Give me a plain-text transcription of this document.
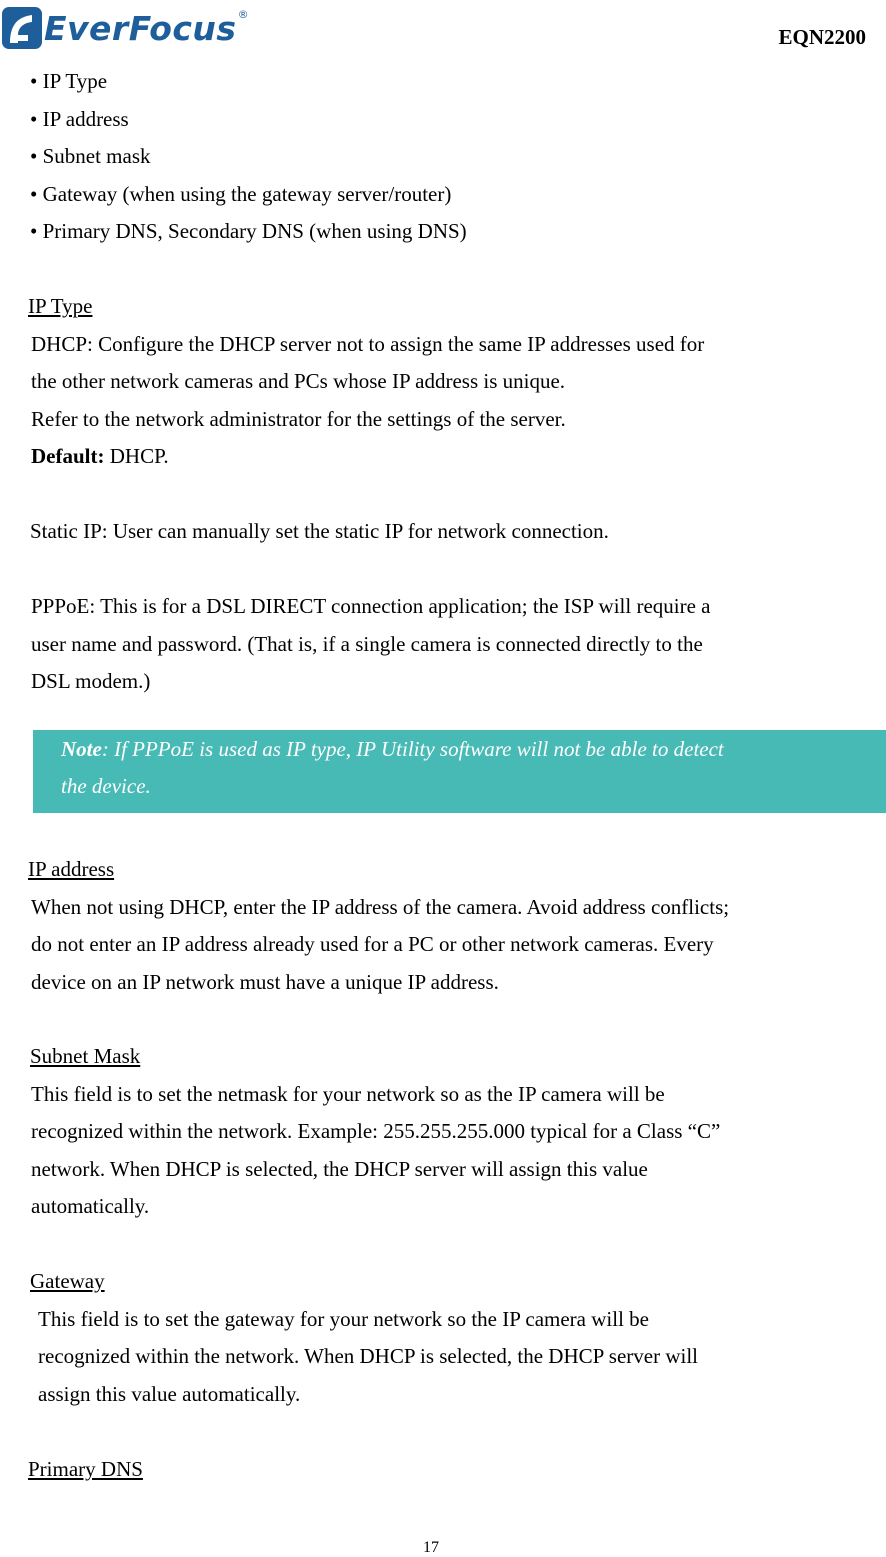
EverFocus ®
EQN2200
• IP Type
• IP address
• Subnet mask
• Gateway (when using the gateway server/router)
• Primary DNS, Secondary DNS (when using DNS)
IP Type
DHCP: Configure the DHCP server not to assign the same IP addresses used for
the other network cameras and PCs whose IP address is unique.
Refer to the network administrator for the settings of the server.
Default: DHCP.
Static IP: User can manually set the static IP for network connection.
PPPoE: This is for a DSL DIRECT connection application; the ISP will require a
user name and password. (That is, if a single camera is connected directly to the
DSL modem.)
Note: If PPPoE is used as IP type, IP Utility software will not be able to detect
the device.
IP address
When not using DHCP, enter the IP address of the camera. Avoid address conflicts;
do not enter an IP address already used for a PC or other network cameras. Every
device on an IP network must have a unique IP address.
Subnet Mask
This field is to set the netmask for your network so as the IP camera will be
recognized within the network. Example: 255.255.255.000 typical for a Class “C”
network. When DHCP is selected, the DHCP server will assign this value
automatically.
Gateway
This field is to set the gateway for your network so the IP camera will be
recognized within the network. When DHCP is selected, the DHCP server will
assign this value automatically.
Primary DNS
17
